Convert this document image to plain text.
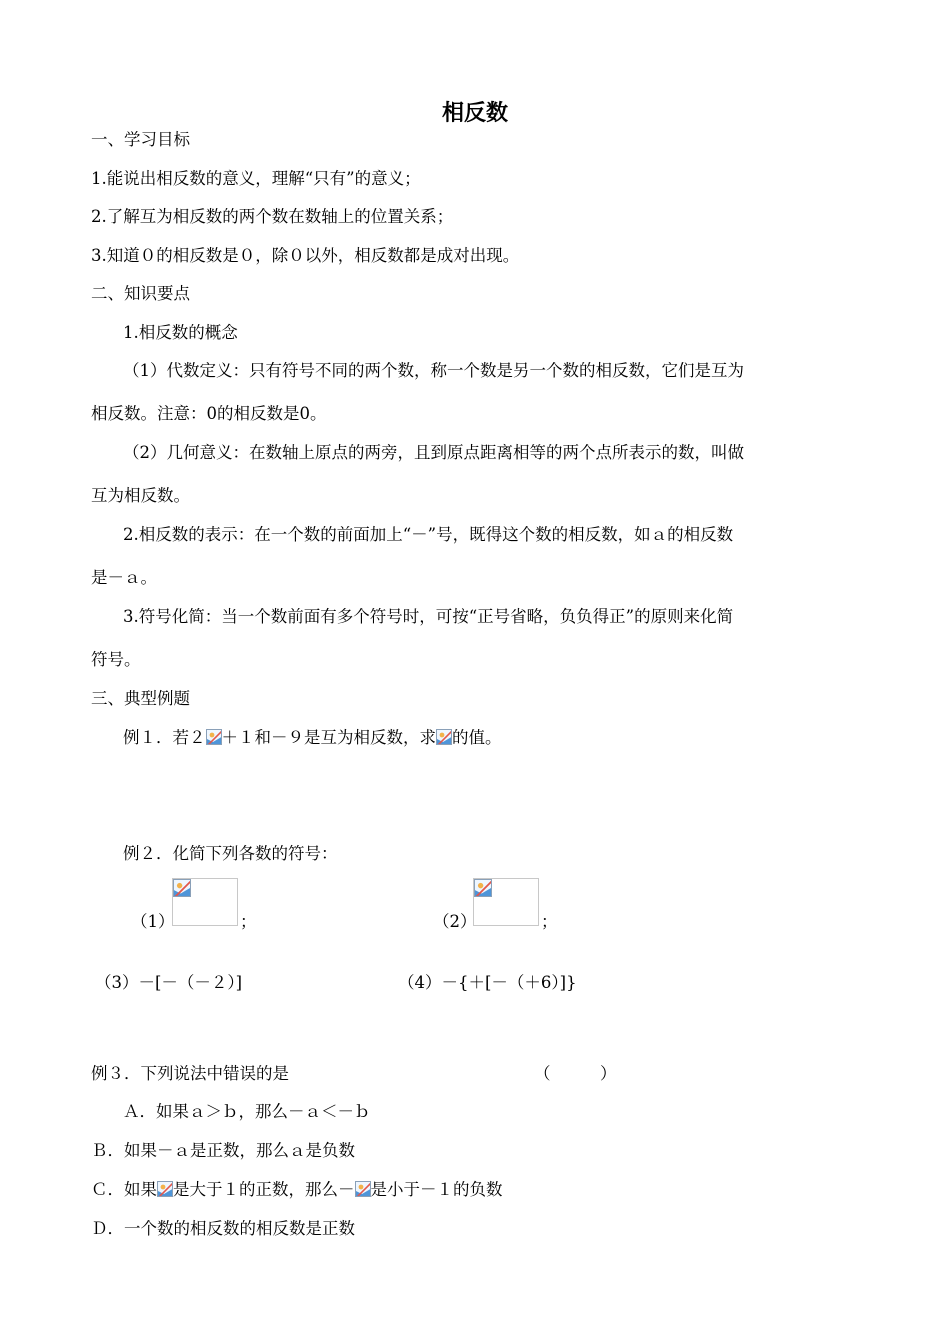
相反数
一、学习目标
1.能说出相反数的意义，理解“只有”的意义；
2.了解互为相反数的两个数在数轴上的位置关系；
3.知道０的相反数是０，除０以外，相反数都是成对出现。
二、知识要点
1.相反数的概念
（1）代数定义：只有符号不同的两个数，称一个数是另一个数的相反数，它们是互为
相反数。注意：0的相反数是0。
（2）几何意义：在数轴上原点的两旁，且到原点距离相等的两个点所表示的数，叫做
互为相反数。
2.相反数的表示：在一个数的前面加上“－”号，既得这个数的相反数，如ａ的相反数
是－ａ。
3.符号化简：当一个数前面有多个符号时，可按“正号省略，负负得正”的原则来化简
符号。
三、典型例题
例１．若２ ＋１和－９是互为相反数，求 的值。
例２．化简下列各数的符号：
（1）	；	（2）	；
（3）－[－（－２）]	（4）－{＋[－（＋6）]}
例３．下列说法中错误的是	（　　　）
Ａ．如果ａ＞ｂ，那么－ａ＜－ｂ
Ｂ．如果－ａ是正数，那么ａ是负数
Ｃ．如果 是大于１的正数，那么－ 是小于－１的负数
Ｄ．一个数的相反数的相反数是正数
